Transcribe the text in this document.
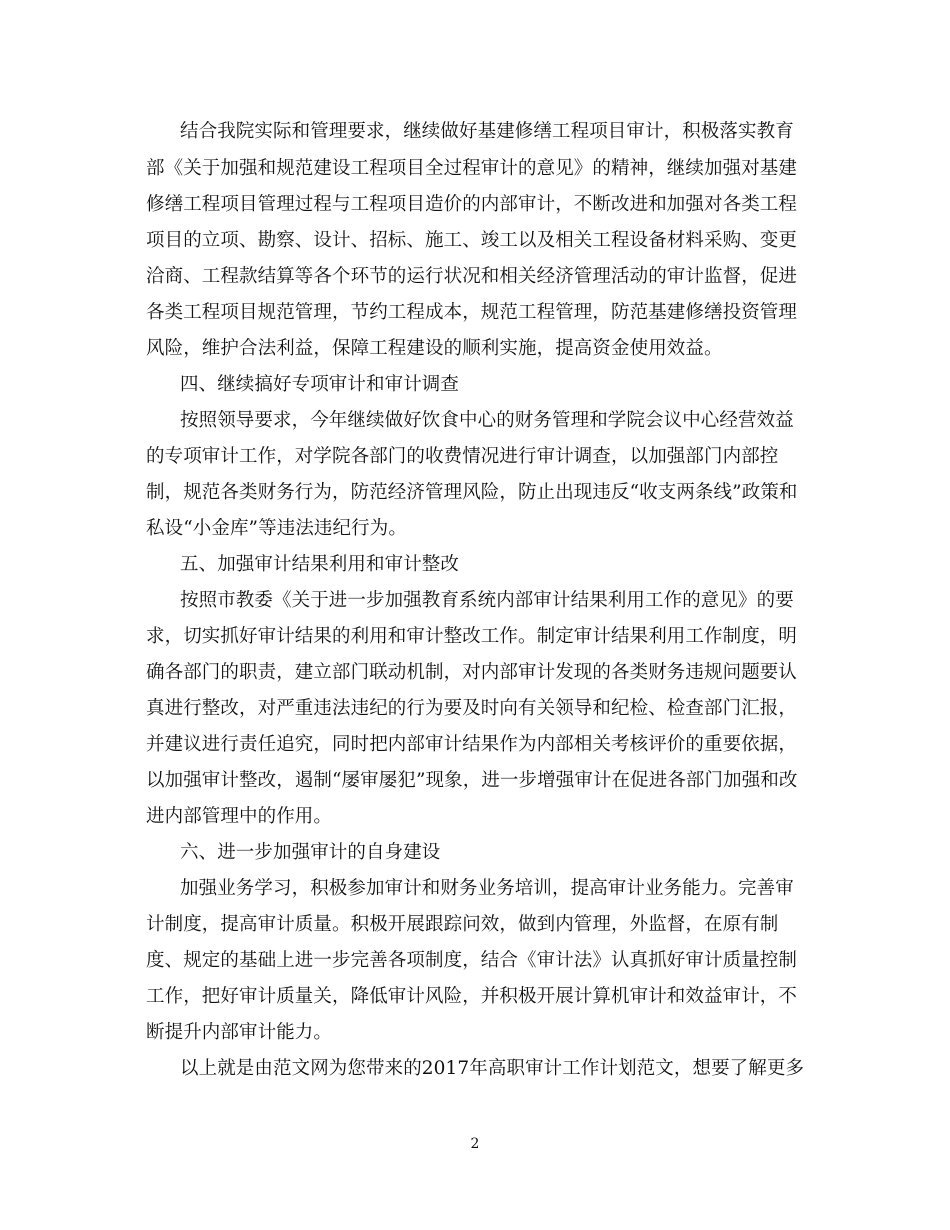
结合我院实际和管理要求，继续做好基建修缮工程项目审计，积极落实教育
部《关于加强和规范建设工程项目全过程审计的意见》的精神，继续加强对基建
修缮工程项目管理过程与工程项目造价的内部审计，不断改进和加强对各类工程
项目的立项、勘察、设计、招标、施工、竣工以及相关工程设备材料采购、变更
洽商、工程款结算等各个环节的运行状况和相关经济管理活动的审计监督，促进
各类工程项目规范管理，节约工程成本，规范工程管理，防范基建修缮投资管理
风险，维护合法利益，保障工程建设的顺利实施，提高资金使用效益。
四、继续搞好专项审计和审计调查
按照领导要求，今年继续做好饮食中心的财务管理和学院会议中心经营效益
的专项审计工作，对学院各部门的收费情况进行审计调查，以加强部门内部控
制，规范各类财务行为，防范经济管理风险，防止出现违反“收支两条线”政策和
私设“小金库”等违法违纪行为。
五、加强审计结果利用和审计整改
按照市教委《关于进一步加强教育系统内部审计结果利用工作的意见》的要
求，切实抓好审计结果的利用和审计整改工作。制定审计结果利用工作制度，明
确各部门的职责，建立部门联动机制，对内部审计发现的各类财务违规问题要认
真进行整改，对严重违法违纪的行为要及时向有关领导和纪检、检查部门汇报，
并建议进行责任追究，同时把内部审计结果作为内部相关考核评价的重要依据，
以加强审计整改，遏制“屡审屡犯”现象，进一步增强审计在促进各部门加强和改
进内部管理中的作用。
六、进一步加强审计的自身建设
加强业务学习，积极参加审计和财务业务培训，提高审计业务能力。完善审
计制度，提高审计质量。积极开展跟踪问效，做到内管理，外监督，在原有制
度、规定的基础上进一步完善各项制度，结合《审计法》认真抓好审计质量控制
工作，把好审计质量关，降低审计风险，并积极开展计算机审计和效益审计，不
断提升内部审计能力。
以上就是由范文网为您带来的2017年高职审计工作计划范文，想要了解更多
2
